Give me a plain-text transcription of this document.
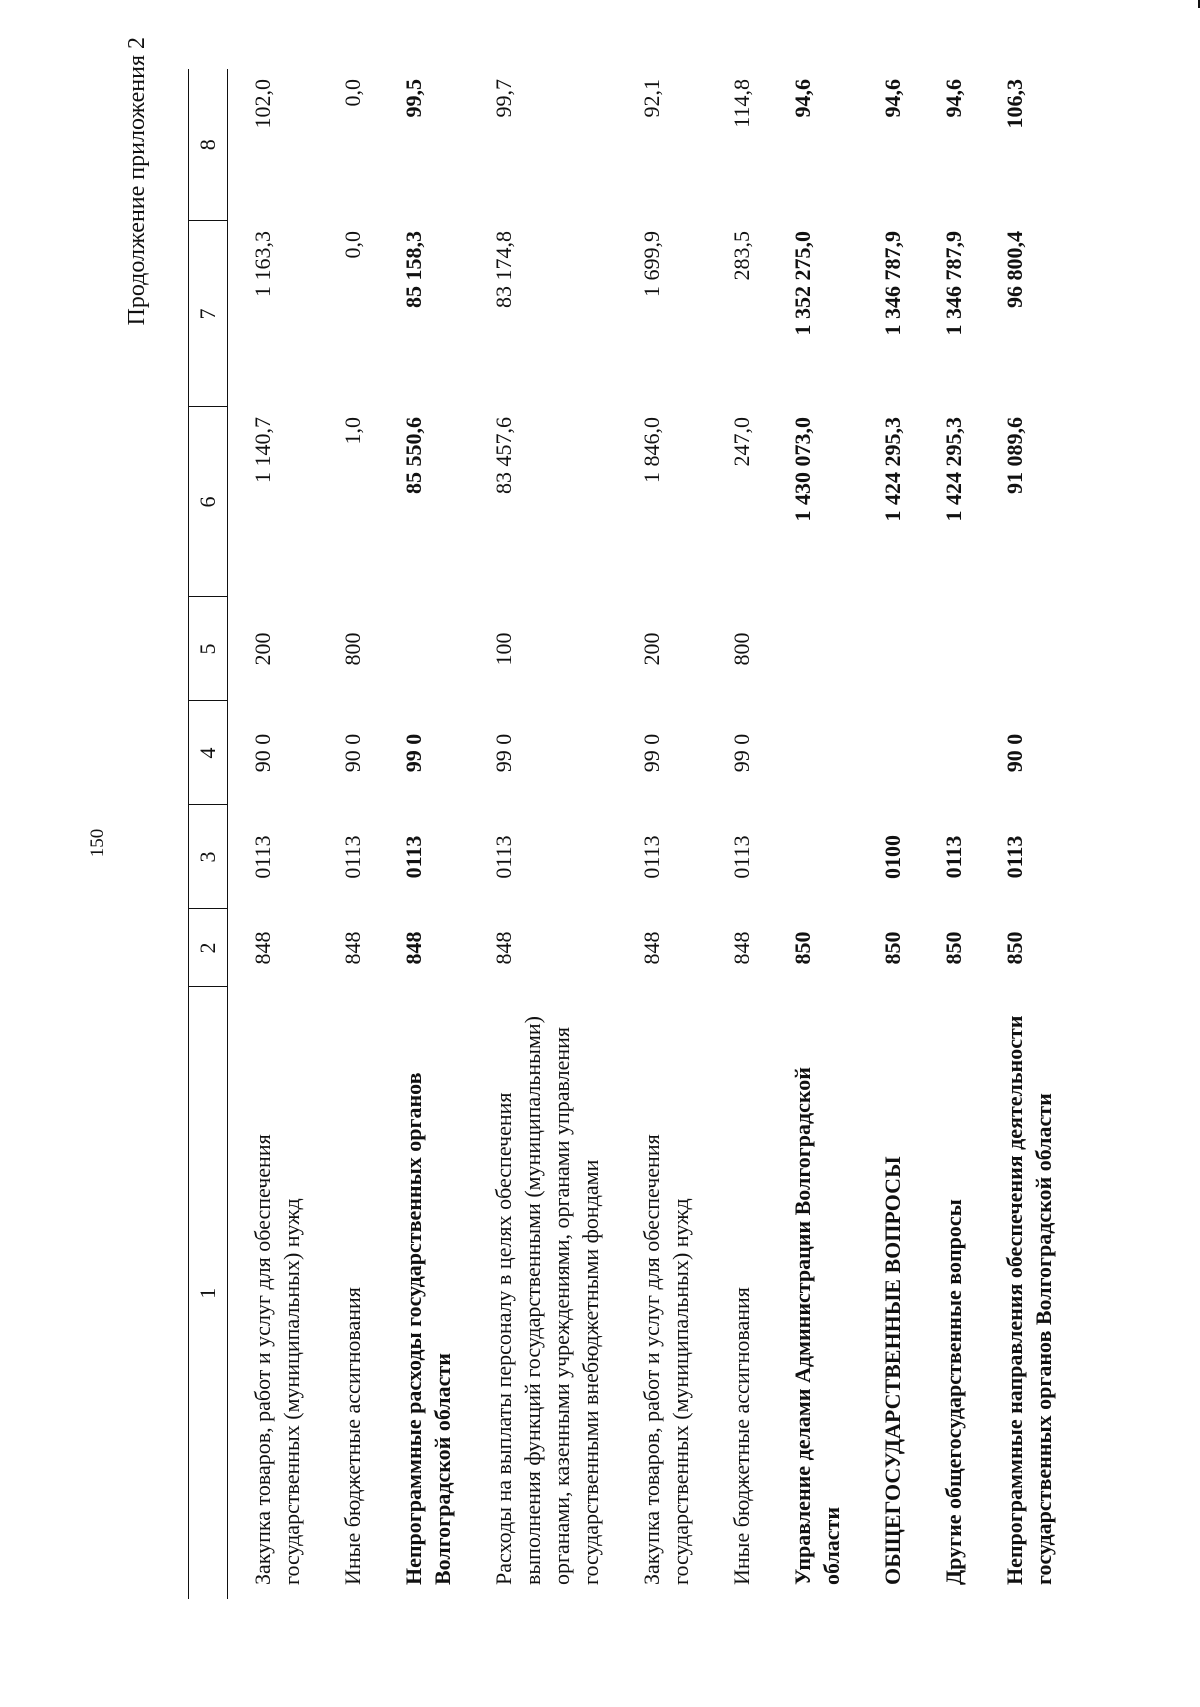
150
Продолжение приложения 2
1	2	3	4	5	6	7	8
Закупка товаров, работ и услуг для обеспечения государственных (муниципальных) нужд	848	0113	90 0	200	1 140,7	1 163,3	102,0
Иные бюджетные ассигнования	848	0113	90 0	800	1,0	0,0	0,0
Непрограммные расходы государственных органов Волгоградской области	848	0113	99 0		85 550,6	85 158,3	99,5
Расходы на выплаты персоналу в целях обеспечения выполнения функций государственными (муниципальными) органами, казенными учреждениями, органами управления государственными внебюджетными фондами	848	0113	99 0	100	83 457,6	83 174,8	99,7
Закупка товаров, работ и услуг для обеспечения государственных (муниципальных) нужд	848	0113	99 0	200	1 846,0	1 699,9	92,1
Иные бюджетные ассигнования	848	0113	99 0	800	247,0	283,5	114,8
Управление делами Администрации Волгоградской области	850				1 430 073,0	1 352 275,0	94,6
ОБЩЕГОСУДАРСТВЕННЫЕ ВОПРОСЫ	850	0100			1 424 295,3	1 346 787,9	94,6
Другие общегосударственные вопросы	850	0113			1 424 295,3	1 346 787,9	94,6
Непрограммные направления обеспечения деятельности государственных органов Волгоградской области	850	0113	90 0		91 089,6	96 800,4	106,3
